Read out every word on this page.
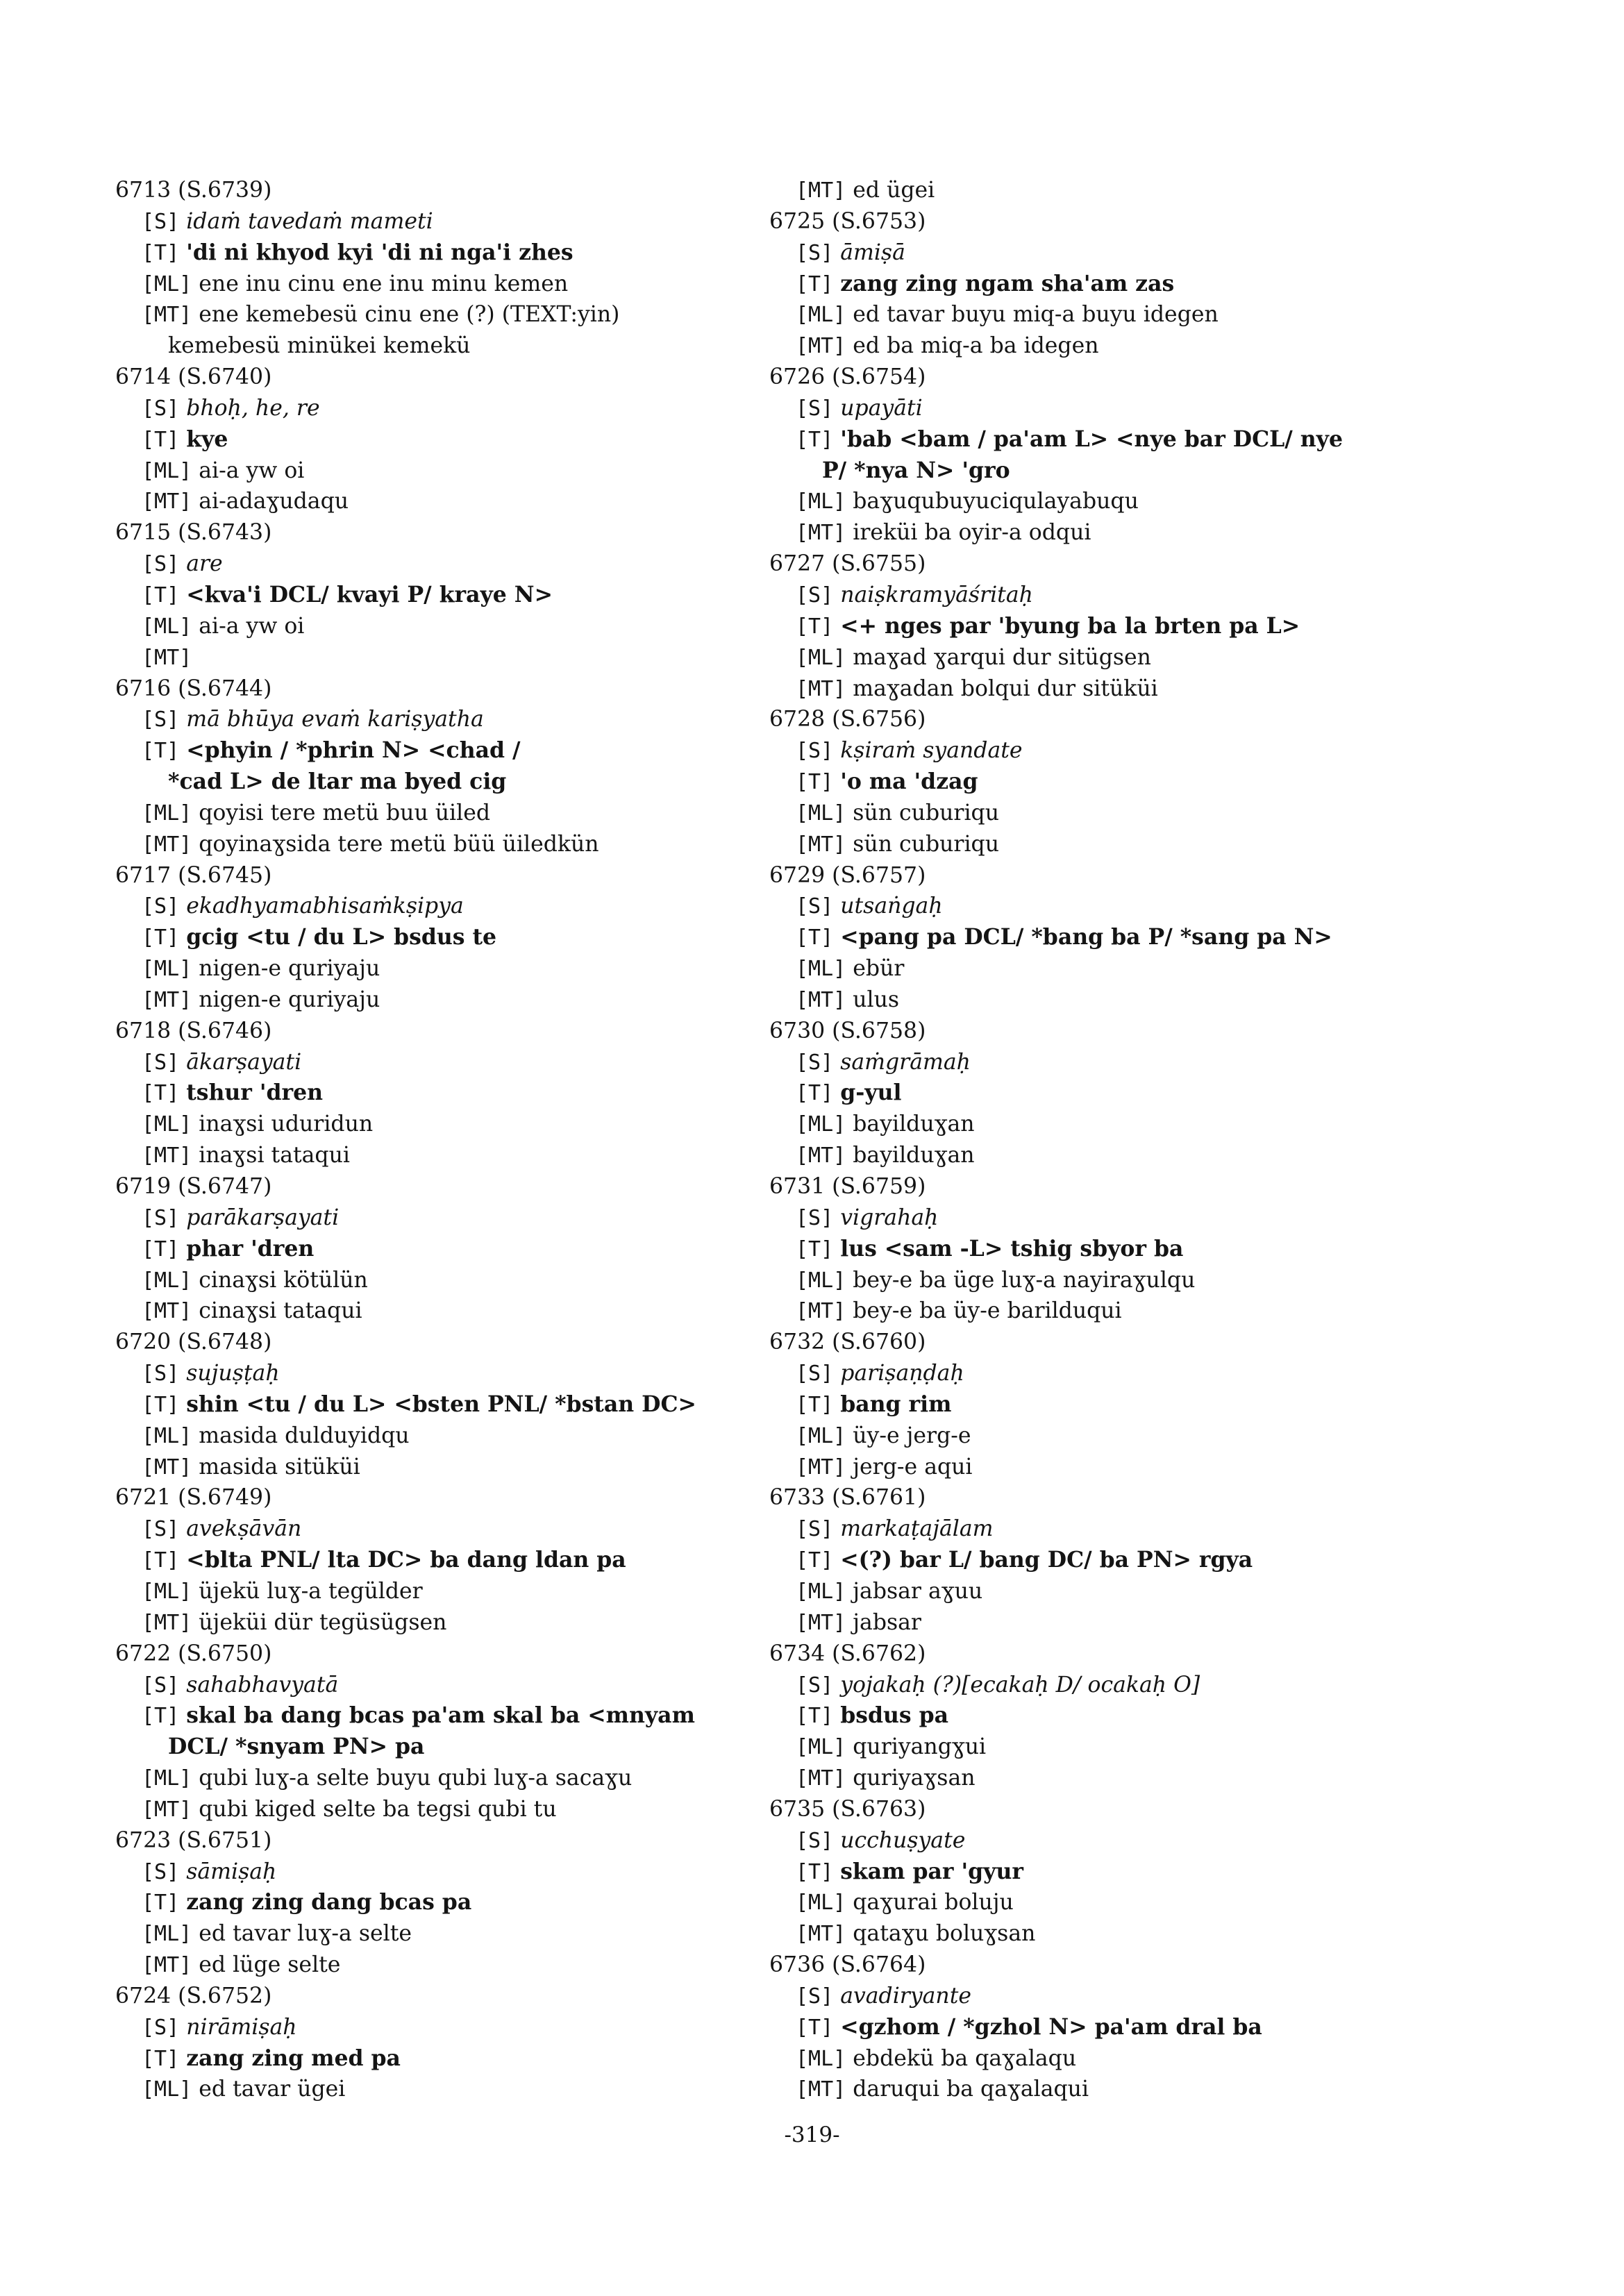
6713 (S.6739)
[S] idaṁ tavedaṁ mameti
[T] 'di ni khyod kyi 'di ni nga'i zhes
[ML] ene inu cinu ene inu minu kemen
[MT] ene kemebesü cinu ene (?) (TEXT:yin)
kemebesü minükei kemekü
6714 (S.6740)
[S] bhoḥ, he, re
[T] kye
[ML] ai-a yw oi
[MT] ai-adaɣudaqu
6715 (S.6743)
[S] are
[T] <kva'i DCL/ kvayi P/ kraye N>
[ML] ai-a yw oi
[MT]
6716 (S.6744)
[S] mā bhūya evaṁ kariṣyatha
[T] <phyin / *phrin N> <chad /
*cad L> de ltar ma byed cig
[ML] qoyisi tere metü buu üiled
[MT] qoyinaɣsida tere metü büü üiledkün
6717 (S.6745)
[S] ekadhyamabhisaṁkṣipya
[T] gcig <tu / du L> bsdus te
[ML] nigen-e quriyaju
[MT] nigen-e quriyaju
6718 (S.6746)
[S] ākarṣayati
[T] tshur 'dren
[ML] inaɣsi uduridun
[MT] inaɣsi tataqui
6719 (S.6747)
[S] parākarṣayati
[T] phar 'dren
[ML] cinaɣsi kötülün
[MT] cinaɣsi tataqui
6720 (S.6748)
[S] sujuṣṭaḥ
[T] shin <tu / du L> <bsten PNL/ *bstan DC>
[ML] masida dulduyidqu
[MT] masida sitüküi
6721 (S.6749)
[S] avekṣāvān
[T] <blta PNL/ lta DC> ba dang ldan pa
[ML] üjekü luɣ-a tegülder
[MT] üjeküi dür tegüsügsen
6722 (S.6750)
[S] sahabhavyatā
[T] skal ba dang bcas pa'am skal ba <mnyam
DCL/ *snyam PN> pa
[ML] qubi luɣ-a selte buyu qubi luɣ-a sacaɣu
[MT] qubi kiged selte ba tegsi qubi tu
6723 (S.6751)
[S] sāmiṣaḥ
[T] zang zing dang bcas pa
[ML] ed tavar luɣ-a selte
[MT] ed lüge selte
6724 (S.6752)
[S] nirāmiṣaḥ
[T] zang zing med pa
[ML] ed tavar ügei
[MT] ed ügei
6725 (S.6753)
[S] āmiṣā
[T] zang zing ngam sha'am zas
[ML] ed tavar buyu miq-a buyu idegen
[MT] ed ba miq-a ba idegen
6726 (S.6754)
[S] upayāti
[T] 'bab <bam / pa'am L> <nye bar DCL/ nye
P/ *nya N> 'gro
[ML] baɣuqubuyuciqulayabuqu
[MT] ireküi ba oyir-a odqui
6727 (S.6755)
[S] naiṣkramyāśritaḥ
[T] <+ nges par 'byung ba la brten pa L>
[ML] maɣad ɣarqui dur sitügsen
[MT] maɣadan bolqui dur sitüküi
6728 (S.6756)
[S] kṣiraṁ syandate
[T] 'o ma 'dzag
[ML] sün cuburiqu
[MT] sün cuburiqu
6729 (S.6757)
[S] utsaṅgaḥ
[T] <pang pa DCL/ *bang ba P/ *sang pa N>
[ML] ebür
[MT] ulus
6730 (S.6758)
[S] saṁgrāmaḥ
[T] g-yul
[ML] bayilduɣan
[MT] bayilduɣan
6731 (S.6759)
[S] vigrahaḥ
[T] lus <sam -L> tshig sbyor ba
[ML] bey-e ba üge luɣ-a nayiraɣulqu
[MT] bey-e ba üy-e barilduqui
6732 (S.6760)
[S] pariṣaṇḍaḥ
[T] bang rim
[ML] üy-e jerg-e
[MT] jerg-e aqui
6733 (S.6761)
[S] markaṭajālam
[T] <(?) bar L/ bang DC/ ba PN> rgya
[ML] jabsar aɣuu
[MT] jabsar
6734 (S.6762)
[S] yojakaḥ (?)[ecakaḥ D/ ocakaḥ O]
[T] bsdus pa
[ML] quriyangɣui
[MT] quriyaɣsan
6735 (S.6763)
[S] ucchuṣyate
[T] skam par 'gyur
[ML] qaɣurai boluju
[MT] qataɣu boluɣsan
6736 (S.6764)
[S] avadiryante
[T] <gzhom / *gzhol N> pa'am dral ba
[ML] ebdekü ba qaɣalaqu
[MT] daruqui ba qaɣalaqui
-319-
